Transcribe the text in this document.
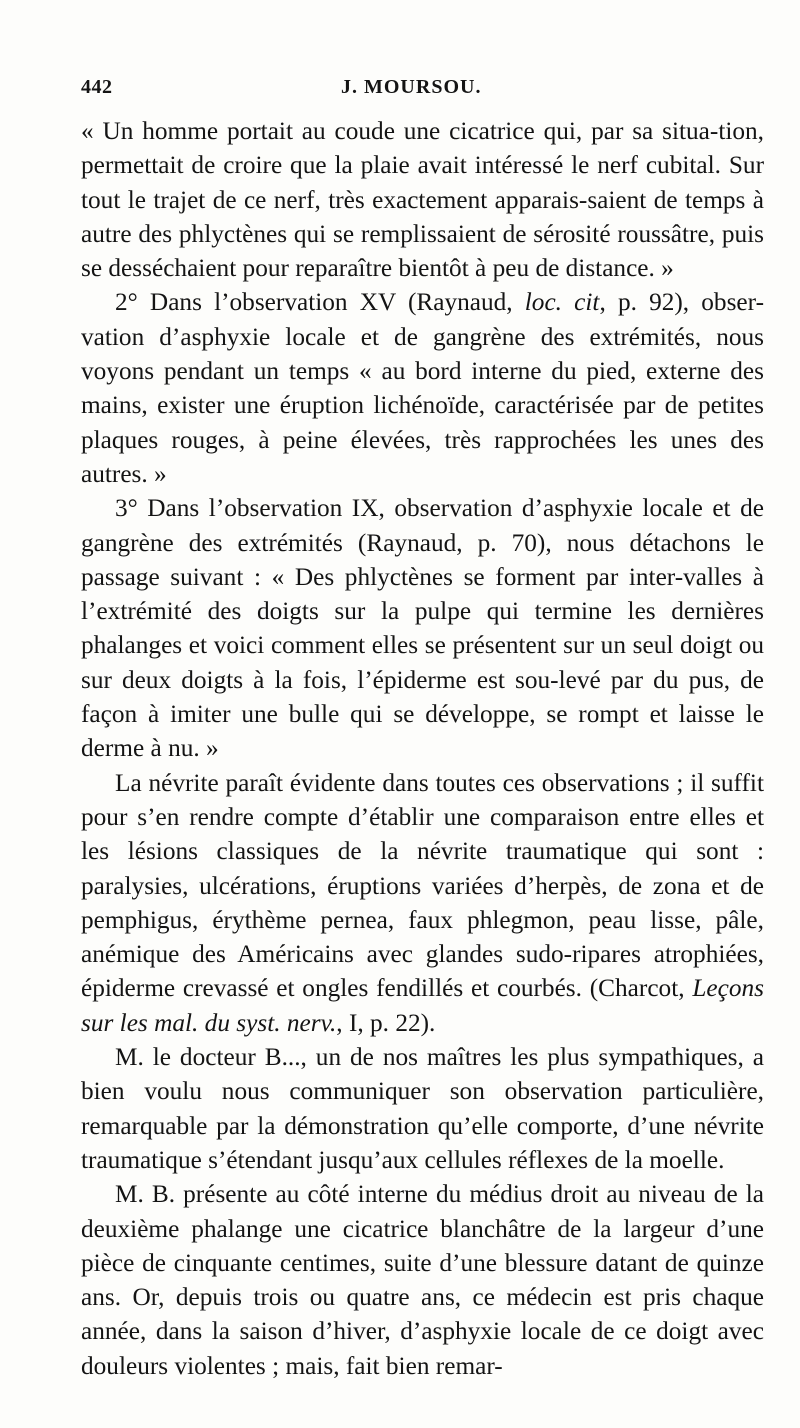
442	J. MOURSOU.

« Un homme portait au coude une cicatrice qui, par sa situa-tion, permettait de croire que la plaie avait intéressé le nerf cubital. Sur tout le trajet de ce nerf, très exactement apparais-saient de temps à autre des phlyctènes qui se remplissaient de sérosité roussâtre, puis se desséchaient pour reparaître bientôt à peu de distance. »

2° Dans l’observation XV (Raynaud, loc. cit, p. 92), obser-vation d’asphyxie locale et de gangrène des extrémités, nous voyons pendant un temps « au bord interne du pied, externe des mains, exister une éruption lichénoïde, caractérisée par de petites plaques rouges, à peine élevées, très rapprochées les unes des autres. »

3° Dans l’observation IX, observation d’asphyxie locale et de gangrène des extrémités (Raynaud, p. 70), nous détachons le passage suivant : « Des phlyctènes se forment par inter-valles à l’extrémité des doigts sur la pulpe qui termine les dernières phalanges et voici comment elles se présentent sur un seul doigt ou sur deux doigts à la fois, l’épiderme est sou-levé par du pus, de façon à imiter une bulle qui se développe, se rompt et laisse le derme à nu. »

La névrite paraît évidente dans toutes ces observations ; il suffit pour s’en rendre compte d’établir une comparaison entre elles et les lésions classiques de la névrite traumatique qui sont : paralysies, ulcérations, éruptions variées d’herpès, de zona et de pemphigus, érythème pernea, faux phlegmon, peau lisse, pâle, anémique des Américains avec glandes sudo-ripares atrophiées, épiderme crevassé et ongles fendillés et courbés. (Charcot, Leçons sur les mal. du syst. nerv., I, p. 22).

M. le docteur B..., un de nos maîtres les plus sympathiques, a bien voulu nous communiquer son observation particulière, remarquable par la démonstration qu’elle comporte, d’une névrite traumatique s’étendant jusqu’aux cellules réflexes de la moelle.

M. B. présente au côté interne du médius droit au niveau de la deuxième phalange une cicatrice blanchâtre de la largeur d’une pièce de cinquante centimes, suite d’une blessure datant de quinze ans. Or, depuis trois ou quatre ans, ce médecin est pris chaque année, dans la saison d’hiver, d’asphyxie locale de ce doigt avec douleurs violentes ; mais, fait bien remar-
